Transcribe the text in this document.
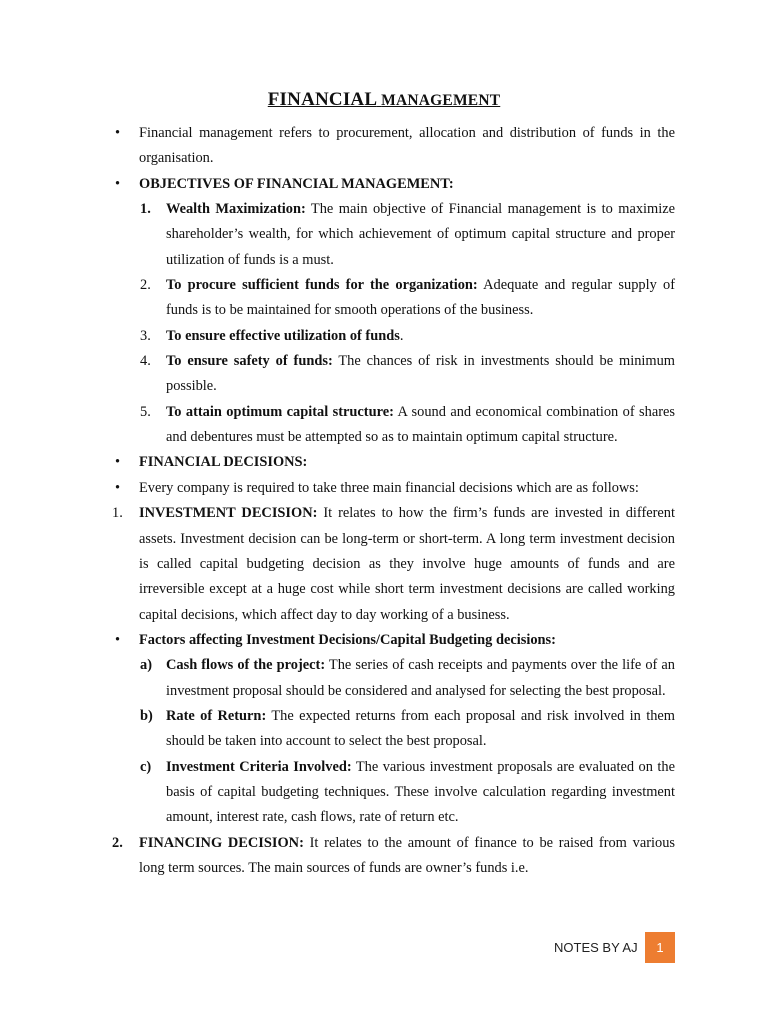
FINANCIAL MANAGEMENT
• Financial management refers to procurement, allocation and distribution of funds in the organisation.
• OBJECTIVES OF FINANCIAL MANAGEMENT:
1. Wealth Maximization: The main objective of Financial management is to maximize shareholder’s wealth, for which achievement of optimum capital structure and proper utilization of funds is a must.
2. To procure sufficient funds for the organization: Adequate and regular supply of funds is to be maintained for smooth operations of the business.
3. To ensure effective utilization of funds.
4. To ensure safety of funds: The chances of risk in investments should be minimum possible.
5. To attain optimum capital structure: A sound and economical combination of shares and debentures must be attempted so as to maintain optimum capital structure.
• FINANCIAL DECISIONS:
• Every company is required to take three main financial decisions which are as follows:
1. INVESTMENT DECISION: It relates to how the firm’s funds are invested in different assets. Investment decision can be long-term or short-term. A long term investment decision is called capital budgeting decision as they involve huge amounts of funds and are irreversible except at a huge cost while short term investment decisions are called working capital decisions, which affect day to day working of a business.
• Factors affecting Investment Decisions/Capital Budgeting decisions:
a) Cash flows of the project: The series of cash receipts and payments over the life of an investment proposal should be considered and analysed for selecting the best proposal.
b) Rate of Return: The expected returns from each proposal and risk involved in them should be taken into account to select the best proposal.
c) Investment Criteria Involved: The various investment proposals are evaluated on the basis of capital budgeting techniques. These involve calculation regarding investment amount, interest rate, cash flows, rate of return etc.
2. FINANCING DECISION: It relates to the amount of finance to be raised from various long term sources. The main sources of funds are owner’s funds i.e.
NOTES BY AJ	1
